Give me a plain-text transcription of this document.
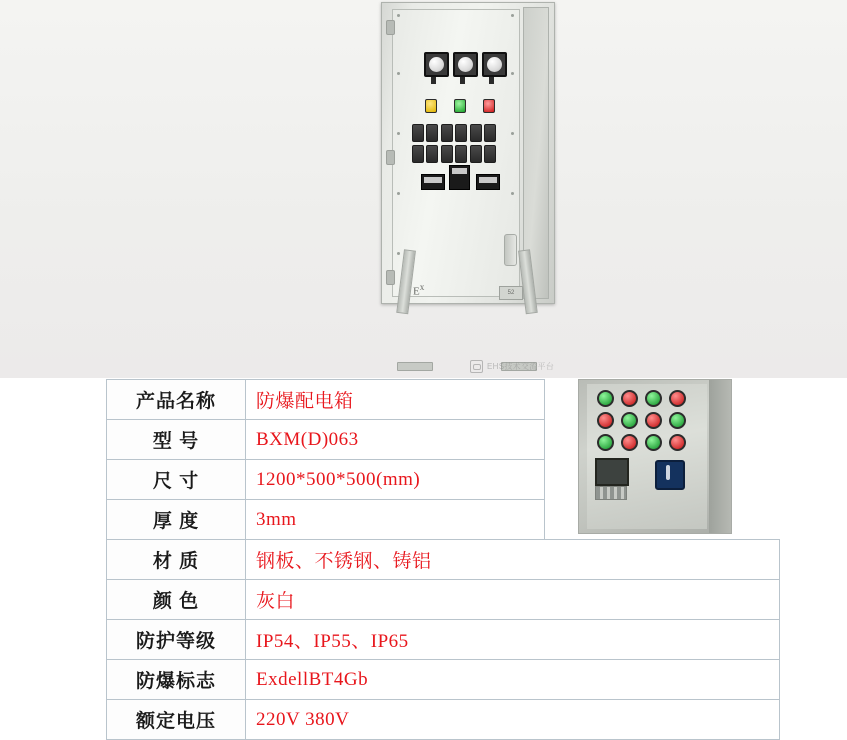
$E^x$
52
EHS技术交流平台
产品名称	防爆配电箱	
型 号	BXM(D)063	
尺 寸	1200*500*500(mm)	
厚 度	3mm	
材 质	钢板、不锈钢、铸铝	
颜 色	灰白	
防护等级	IP54、IP55、IP65	
防爆标志	ExdellBT4Gb	
额定电压	220V 380V	
